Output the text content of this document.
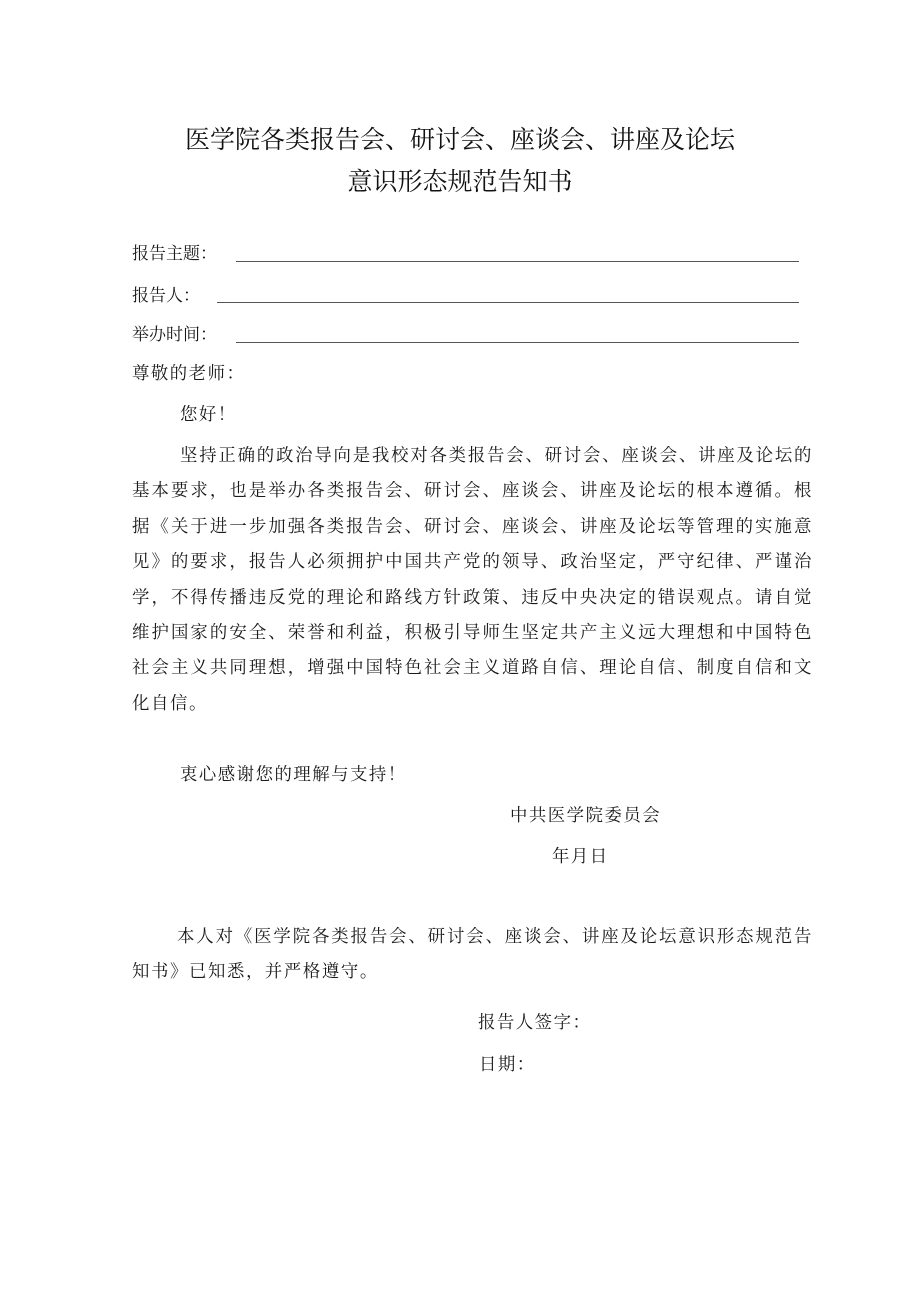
医学院各类报告会、研讨会、座谈会、讲座及论坛
意识形态规范告知书
报告主题：
报告人：
举办时间：
尊敬的老师：
您好！

坚持正确的政治导向是我校对各类报告会、研讨会、座谈会、讲座及论坛的基本要求，也是举办各类报告会、研讨会、座谈会、讲座及论坛的根本遵循。根据《关于进一步加强各类报告会、研讨会、座谈会、讲座及论坛等管理的实施意见》的要求，报告人必须拥护中国共产党的领导、政治坚定，严守纪律、严谨治学，不得传播违反党的理论和路线方针政策、违反中央决定的错误观点。请自觉维护国家的安全、荣誉和利益，积极引导师生坚定共产主义远大理想和中国特色社会主义共同理想，增强中国特色社会主义道路自信、理论自信、制度自信和文化自信。

衷心感谢您的理解与支持！
中共医学院委员会
年月日

本人对《医学院各类报告会、研讨会、座谈会、讲座及论坛意识形态规范告知书》已知悉，并严格遵守。

报告人签字：
日期：
